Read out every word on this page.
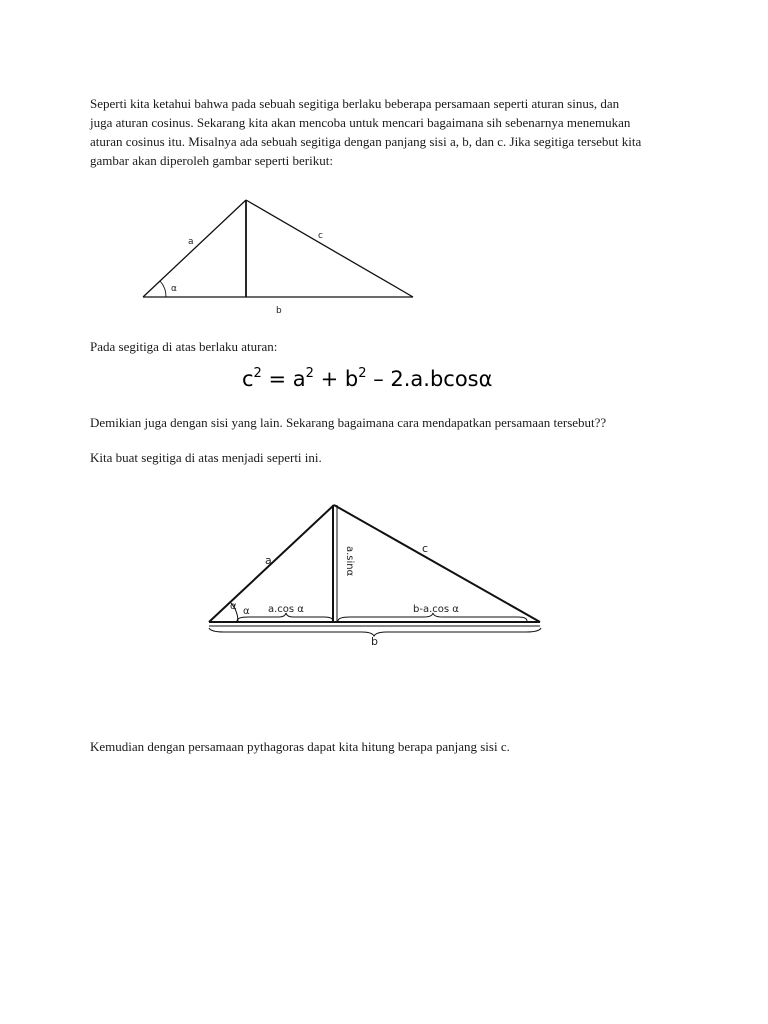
Seperti kita ketahui bahwa pada sebuah segitiga berlaku beberapa persamaan seperti aturan sinus, dan
juga aturan cosinus. Sekarang kita akan mencoba untuk mencari bagaimana sih sebenarnya menemukan
aturan cosinus itu. Misalnya ada sebuah segitiga dengan panjang sisi a, b, dan c. Jika segitiga tersebut kita
gambar akan diperoleh gambar seperti berikut:
a
c
b
α
Pada segitiga di atas berlaku aturan:
$c^2 = a^2 + b^2 - 2.a.bcos\alpha$
Demikian juga dengan sisi yang lain. Sekarang bagaimana cara mendapatkan persamaan tersebut??
Kita buat segitiga di atas menjadi seperti ini.
a
c
α α a.cos α	b-a.cos α
b
a.sinα
Kemudian dengan persamaan pythagoras dapat kita hitung berapa panjang sisi c.
